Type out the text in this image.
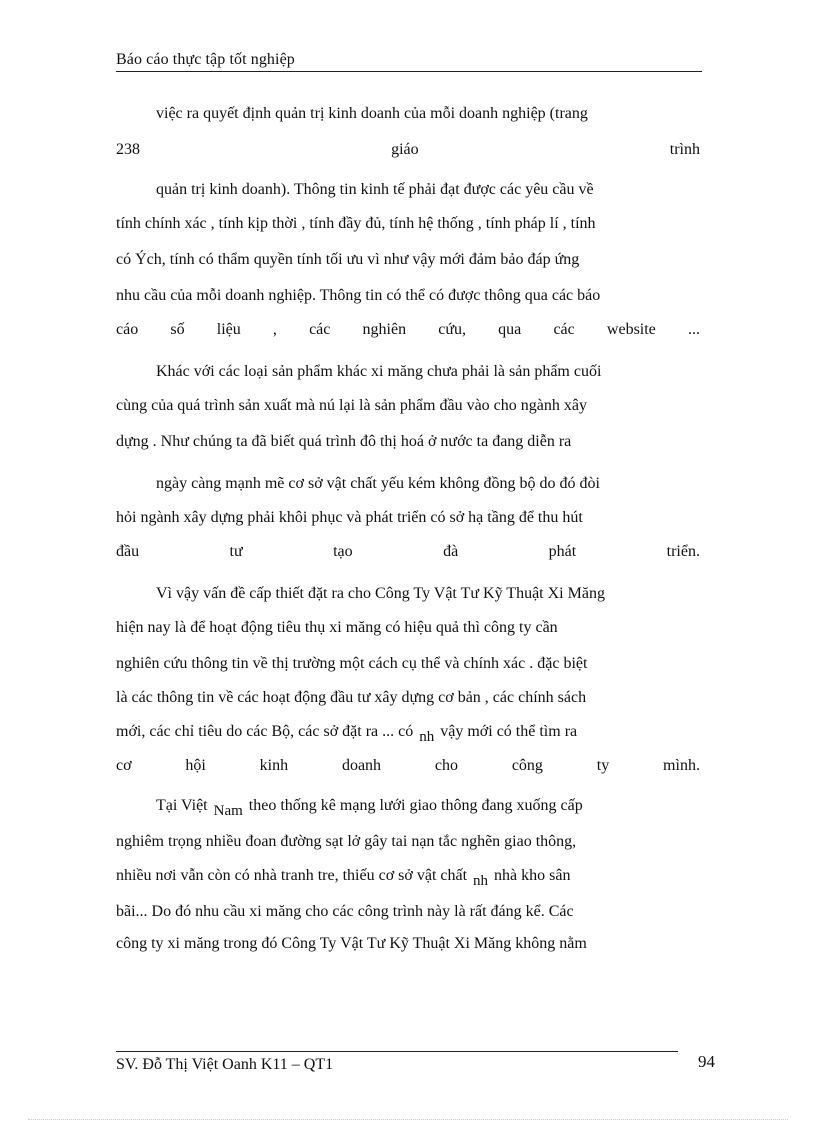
Báo cáo thực tập tốt nghiệp
việc ra quyết định quản trị kinh doanh của mỗi doanh nghiệp (trang
238	giáo	trình
quản trị kinh doanh). Thông tin kinh tế phải đạt được các yêu cầu về
tính chính xác , tính kịp thời , tính đầy đủ, tính hệ thống , tính pháp lí , tính
có Ých, tính có thẩm quyền tính tối ưu vì như vậy mới đảm bảo đáp ứng
nhu cầu của mỗi doanh nghiệp. Thông tin có thể có được thông qua các báo
cáo số liệu , các nghiên cứu, qua các website ...
Khác với các loại sản phẩm khác xi măng chưa phải là sản phẩm cuối
cùng của quá trình sản xuất mà nú lại là sản phẩm đầu vào cho ngành xây
dựng . Như chúng ta đã biết quá trình đô thị hoá ở nước ta đang diễn ra
ngày càng mạnh mẽ cơ sở vật chất yếu kém không đồng bộ do đó đòi
hỏi ngành xây dựng phải khôi phục và phát triển có sở hạ tầng để thu hút
đầu	tư	tạo	đà	phát	triển.
Vì vậy vấn đề cấp thiết đặt ra cho Công Ty Vật Tư Kỹ Thuật Xi Măng
hiện nay là để hoạt động tiêu thụ xi măng có hiệu quả thì công ty cần
nghiên cứu thông tin về thị trường một cách cụ thể và chính xác . đặc biệt
là các thông tin về các hoạt động đầu tư xây dựng cơ bản , các chính sách
mới, các chỉ tiêu do các Bộ, các sở đặt ra ... có nh vậy mới có thể tìm ra
cơ	hội	kinh	doanh	cho	công	ty	mình.
Tại Việt Nam theo thống kê mạng lưới giao thông đang xuống cấp
nghiêm trọng nhiều đoan đường sạt lở gây tai nạn tắc nghẽn giao thông,
nhiều nơi vẫn còn có nhà tranh tre, thiếu cơ sở vật chất nh nhà kho sân
bãi... Do đó nhu cầu xi măng cho các công trình này là rất đáng kể. Các
công ty xi măng trong đó Công Ty Vật Tư Kỹ Thuật Xi Măng không nằm
SV. Đỗ Thị Việt Oanh K11 – QT1	94
